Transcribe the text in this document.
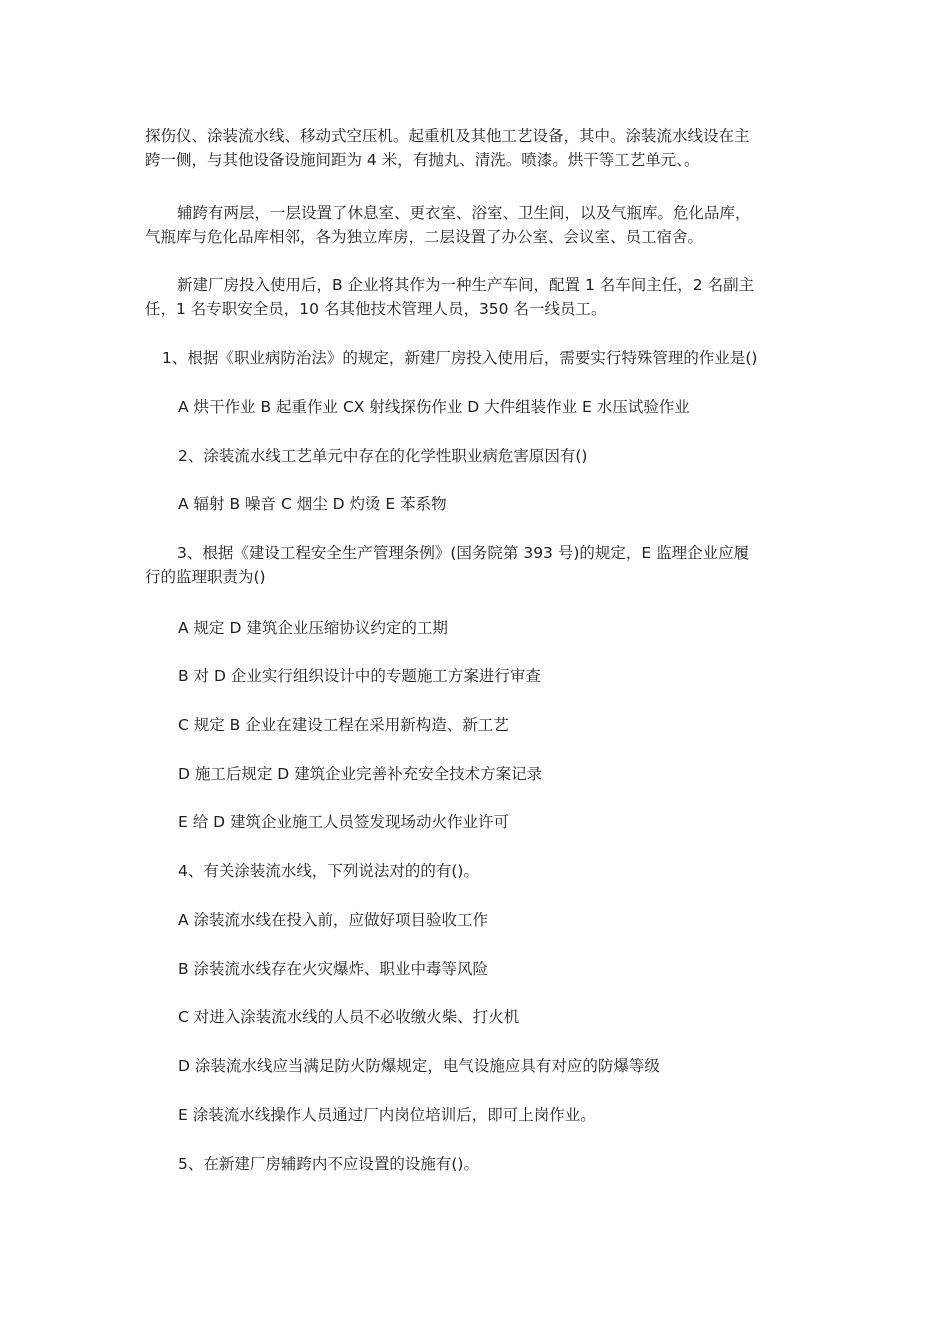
探伤仪、涂装流水线、移动式空压机。起重机及其他工艺设备，其中。涂装流水线设在主
跨一侧，与其他设备设施间距为 4 米，有抛丸、清洗。喷漆。烘干等工艺单元、。

辅跨有两层，一层设置了休息室、更衣室、浴室、卫生间，以及气瓶库。危化品库，
气瓶库与危化品库相邻，各为独立库房，二层设置了办公室、会议室、员工宿舍。

新建厂房投入使用后，B 企业将其作为一种生产车间，配置 1 名车间主任，2 名副主
任，1 名专职安全员，10 名其他技术管理人员，350 名一线员工。

1、根据《职业病防治法》的规定，新建厂房投入使用后，需要实行特殊管理的作业是()

A 烘干作业 B 起重作业 CX 射线探伤作业 D 大件组装作业 E 水压试验作业

2、涂装流水线工艺单元中存在的化学性职业病危害原因有()

A 辐射 B 噪音 C 烟尘 D 灼烫 E 苯系物

3、根据《建设工程安全生产管理条例》(国务院第 393 号)的规定，E 监理企业应履
行的监理职责为()

A 规定 D 建筑企业压缩协议约定的工期

B 对 D 企业实行组织设计中的专题施工方案进行审查

C 规定 B 企业在建设工程在采用新构造、新工艺

D 施工后规定 D 建筑企业完善补充安全技术方案记录

E 给 D 建筑企业施工人员签发现场动火作业许可

4、有关涂装流水线，下列说法对的的有()。

A 涂装流水线在投入前，应做好项目验收工作

B 涂装流水线存在火灾爆炸、职业中毒等风险

C 对进入涂装流水线的人员不必收缴火柴、打火机

D 涂装流水线应当满足防火防爆规定，电气设施应具有对应的防爆等级

E 涂装流水线操作人员通过厂内岗位培训后，即可上岗作业。

5、在新建厂房辅跨内不应设置的设施有()。
